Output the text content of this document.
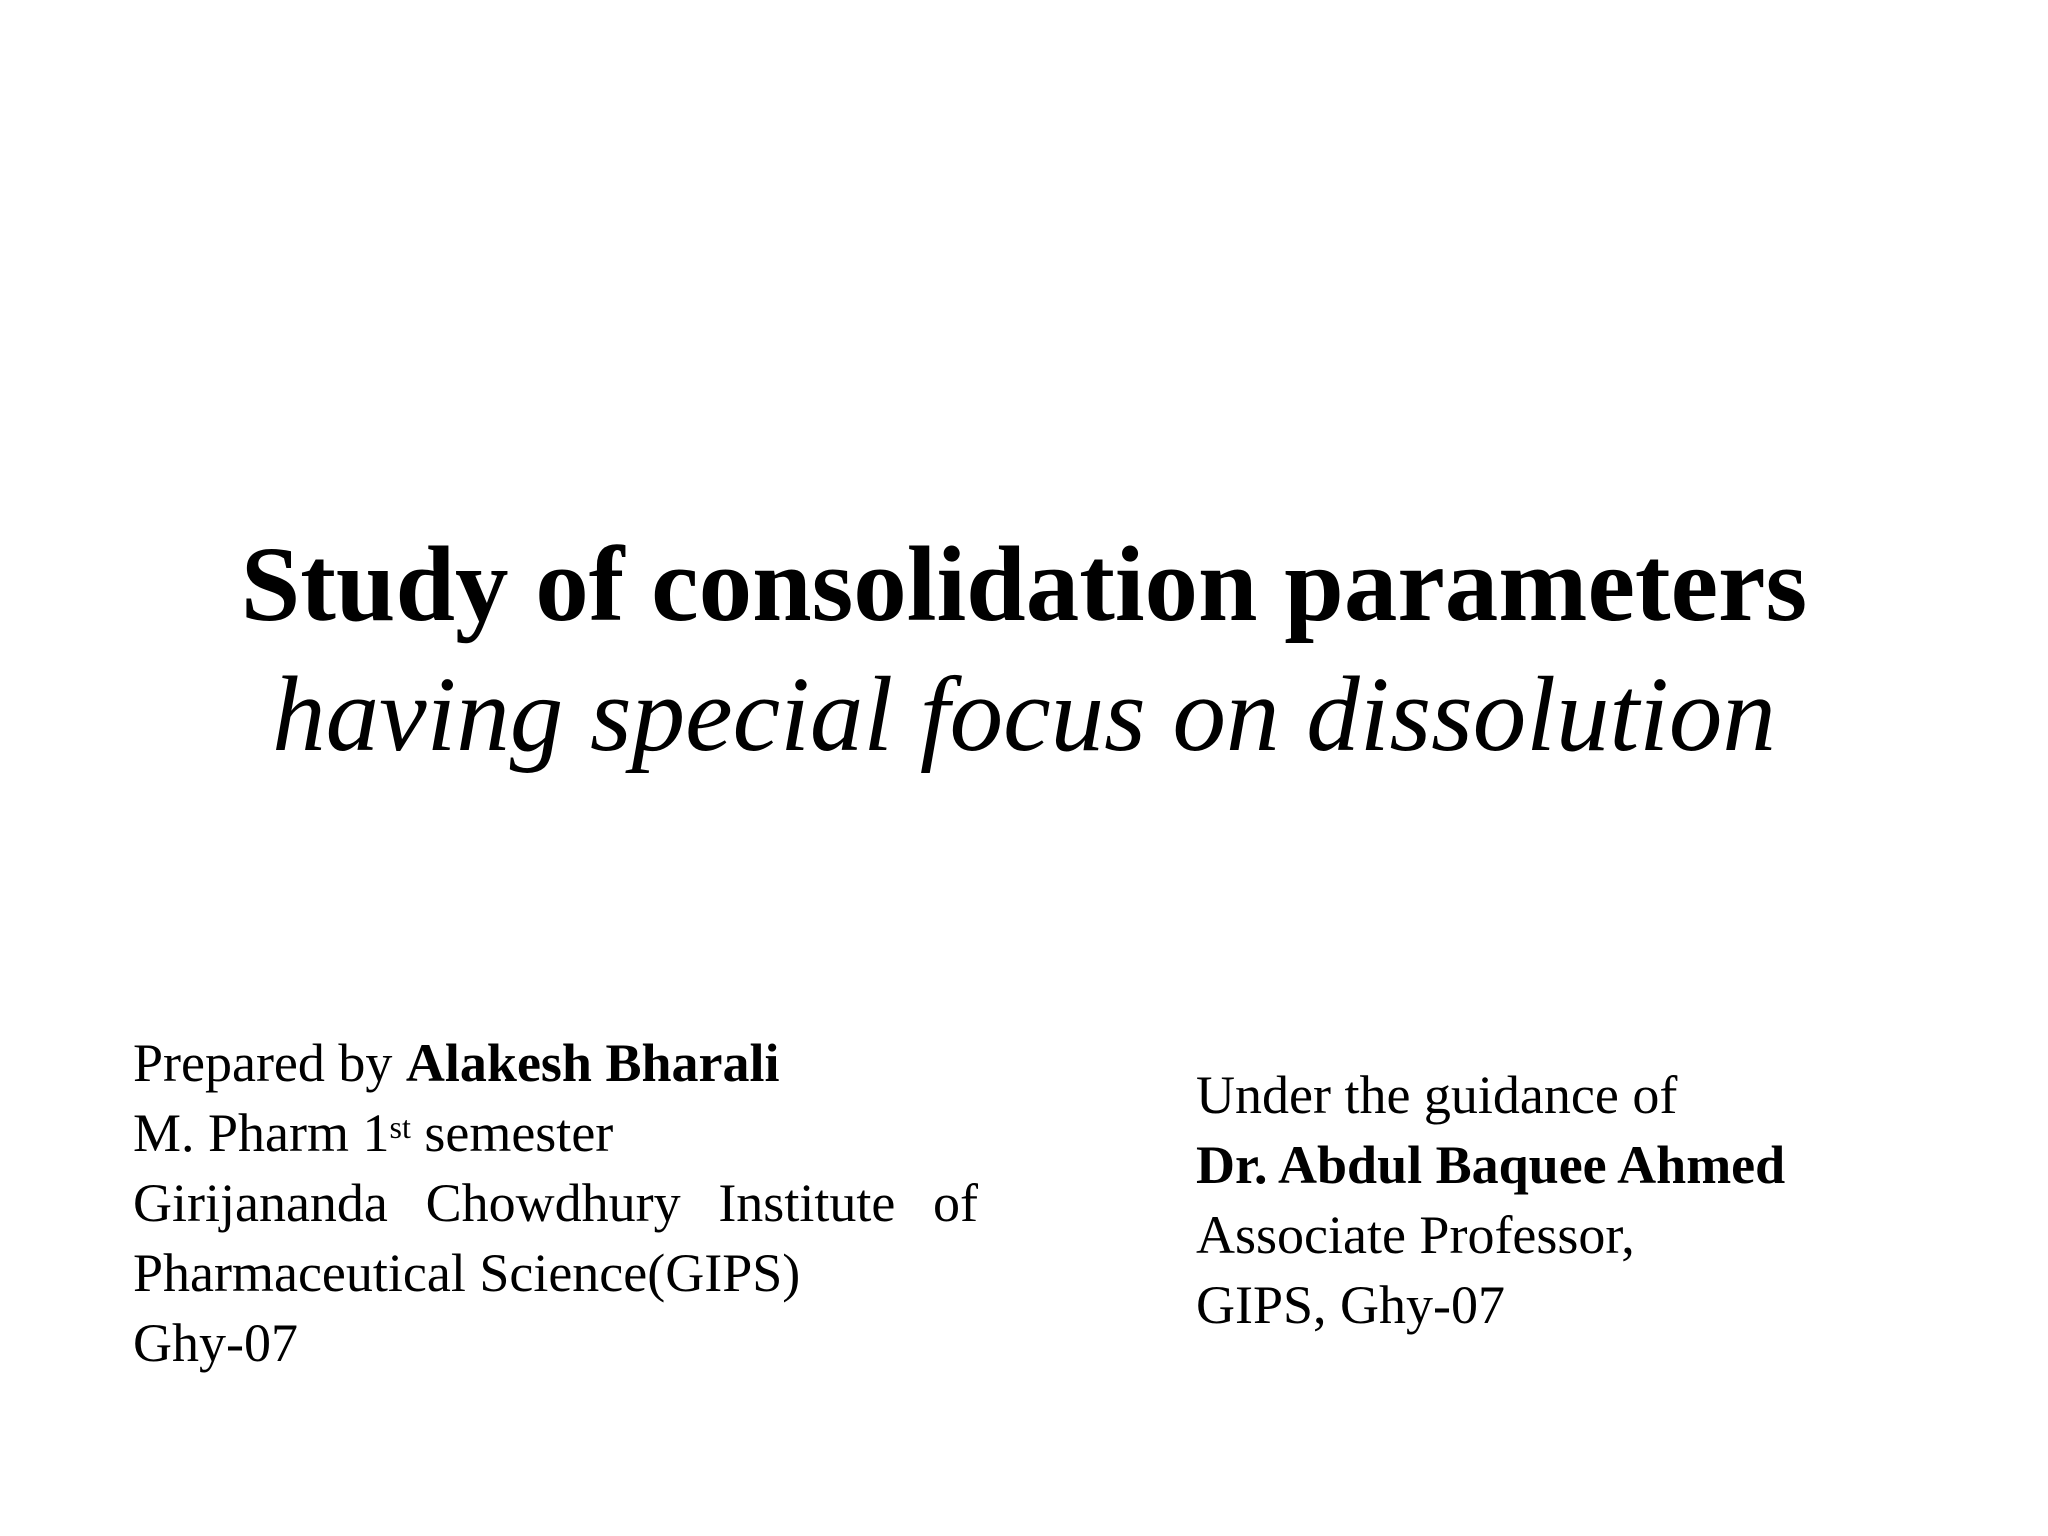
Study of consolidation parameters

having special focus on dissolution

Prepared by Alakesh Bharali
M. Pharm 1st semester
Girijananda Chowdhury Institute of
Pharmaceutical Science(GIPS)
Ghy-07
Under the guidance of
Dr. Abdul Baquee Ahmed
Associate Professor,
GIPS, Ghy-07
